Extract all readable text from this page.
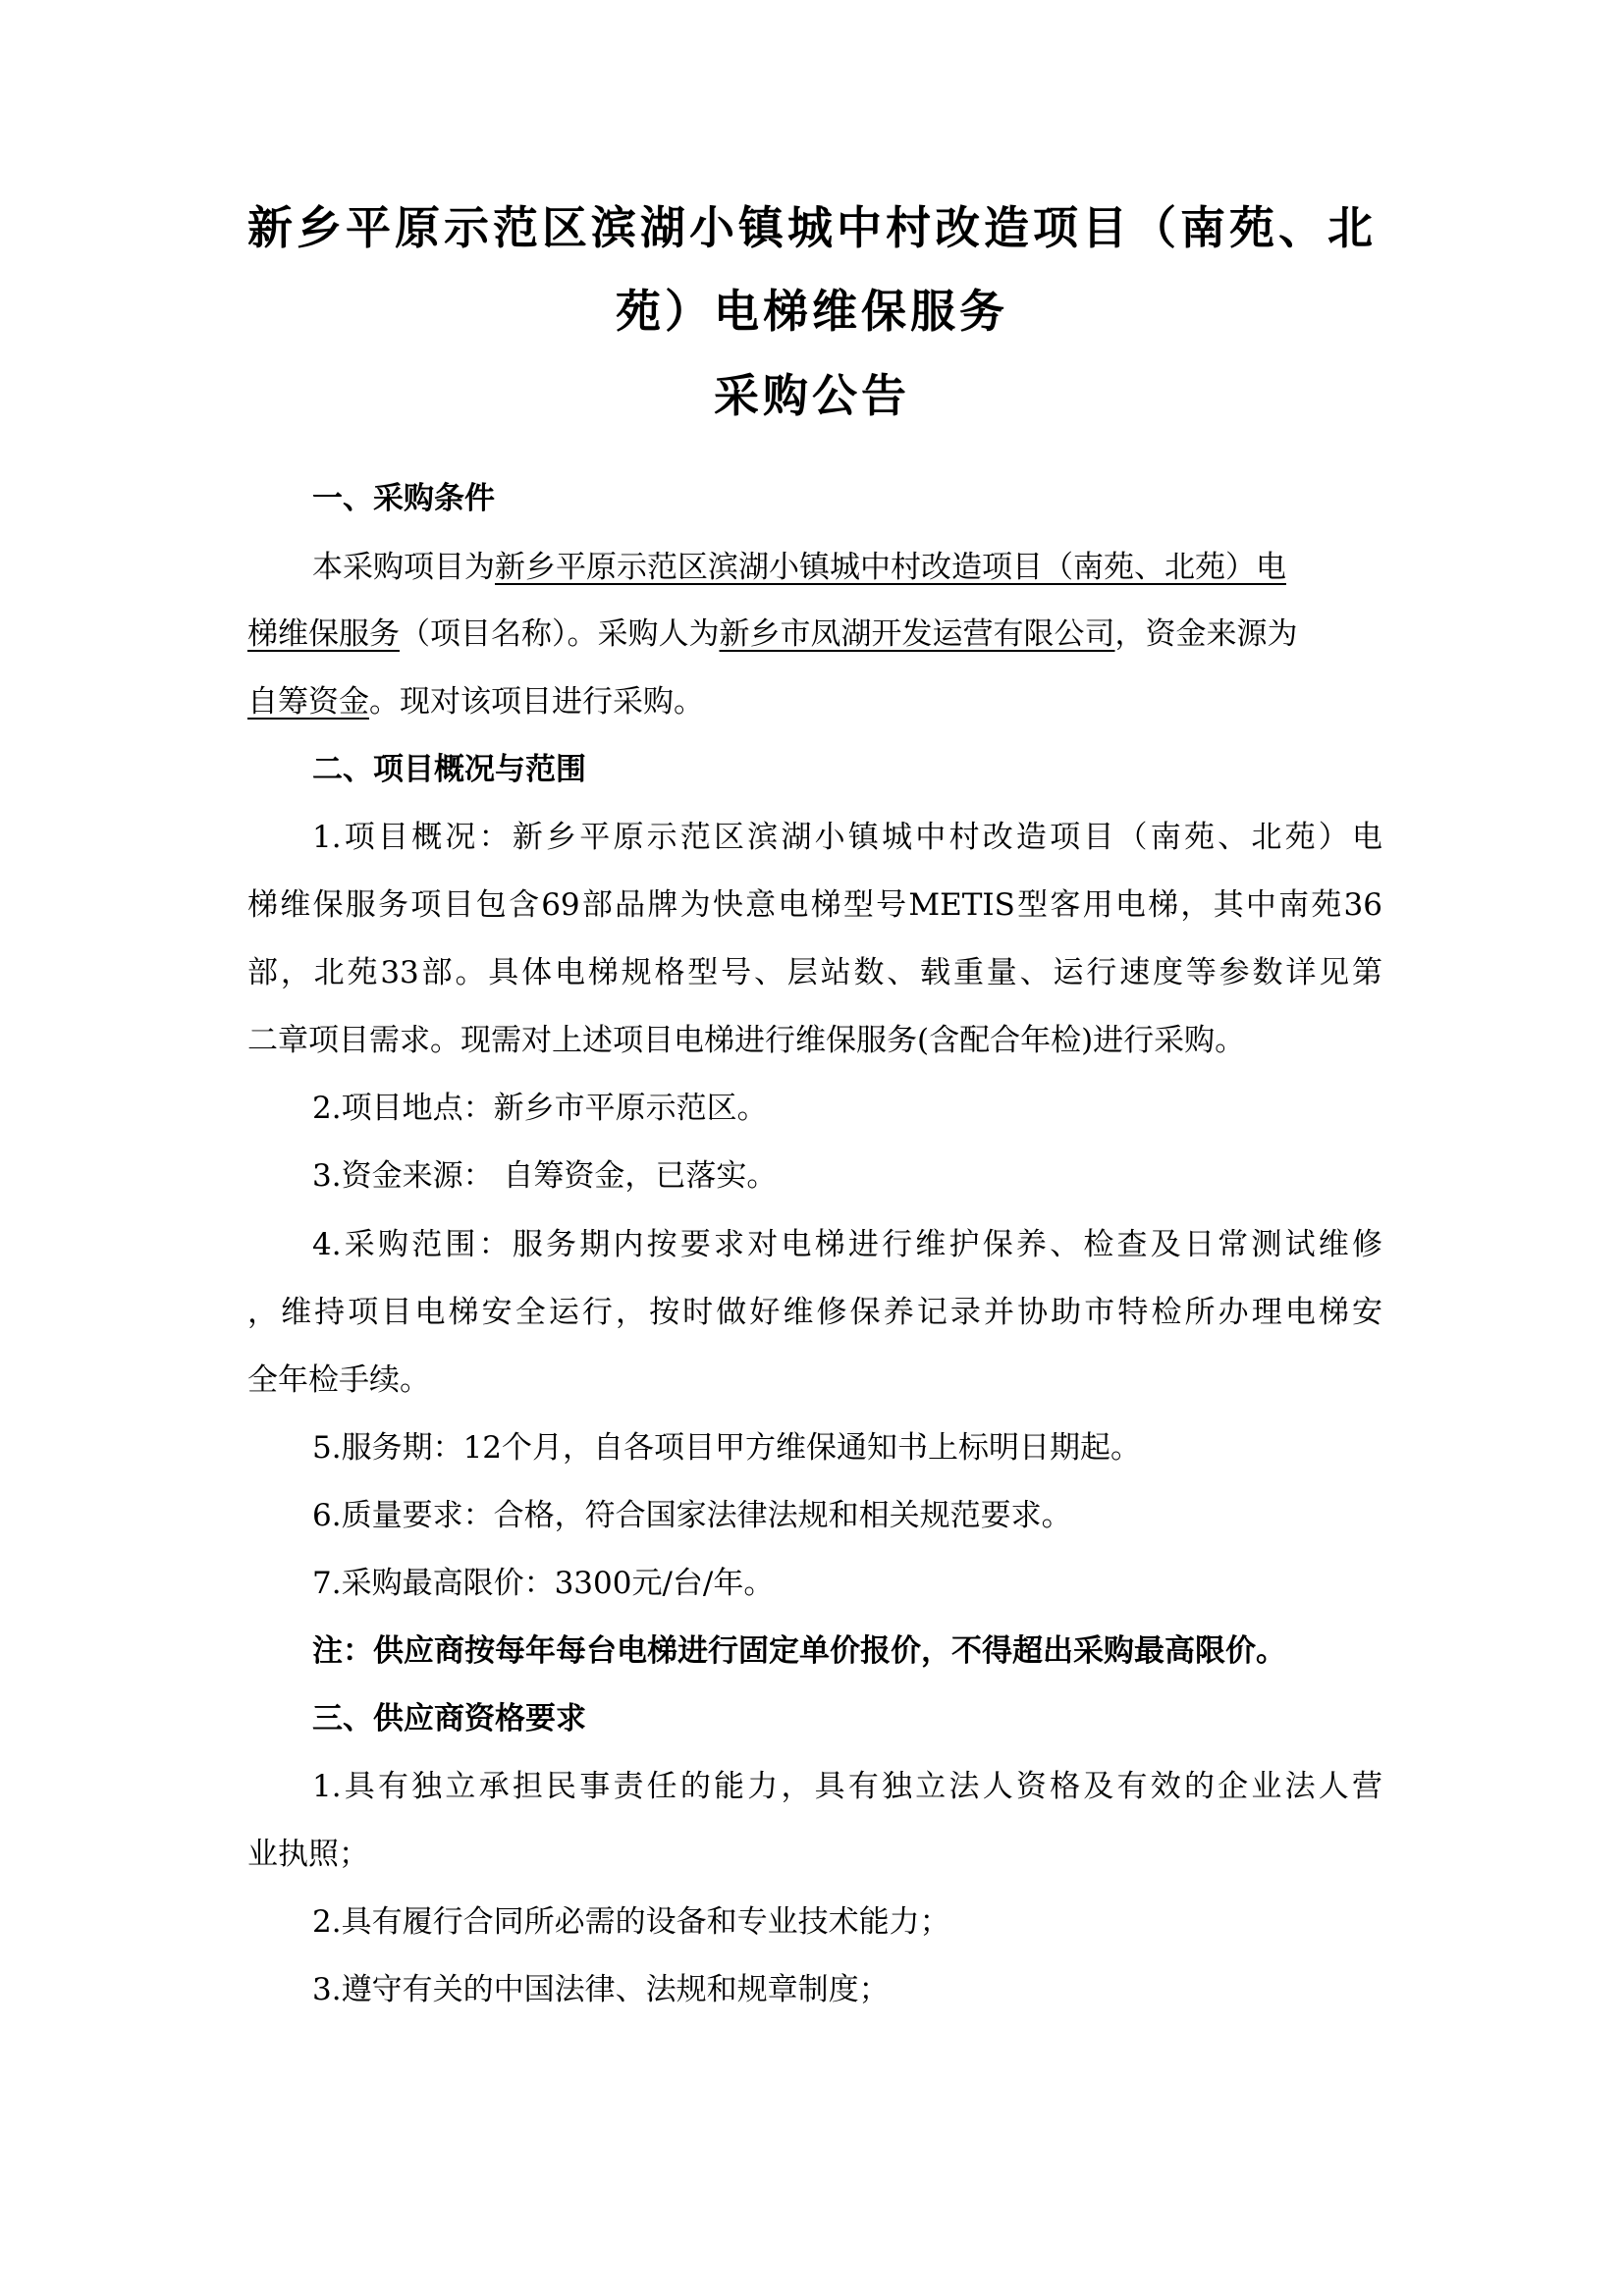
新乡平原示范区滨湖小镇城中村改造项目（南苑、北
苑）电梯维保服务
采购公告
一、采购条件
本采购项目为新乡平原示范区滨湖小镇城中村改造项目（南苑、北苑）电
梯维保服务（项目名称）。采购人为新乡市凤湖开发运营有限公司，资金来源为
自筹资金。现对该项目进行采购。
二、项目概况与范围
1.项目概况：新乡平原示范区滨湖小镇城中村改造项目（南苑、北苑）电
梯维保服务项目包含69部品牌为快意电梯型号METIS型客用电梯，其中南苑36
部，北苑33部。具体电梯规格型号、层站数、载重量、运行速度等参数详见第
二章项目需求。现需对上述项目电梯进行维保服务(含配合年检)进行采购。
2.项目地点：新乡市平原示范区。
3.资金来源： 自筹资金，已落实。
4.采购范围：服务期内按要求对电梯进行维护保养、检查及日常测试维修
，维持项目电梯安全运行，按时做好维修保养记录并协助市特检所办理电梯安
全年检手续。
5.服务期：12个月，自各项目甲方维保通知书上标明日期起。
6.质量要求：合格，符合国家法律法规和相关规范要求。
7.采购最高限价：3300元/台/年。
注：供应商按每年每台电梯进行固定单价报价，不得超出采购最高限价。
三、供应商资格要求
1.具有独立承担民事责任的能力，具有独立法人资格及有效的企业法人营
业执照；
2.具有履行合同所必需的设备和专业技术能力；
3.遵守有关的中国法律、法规和规章制度；
